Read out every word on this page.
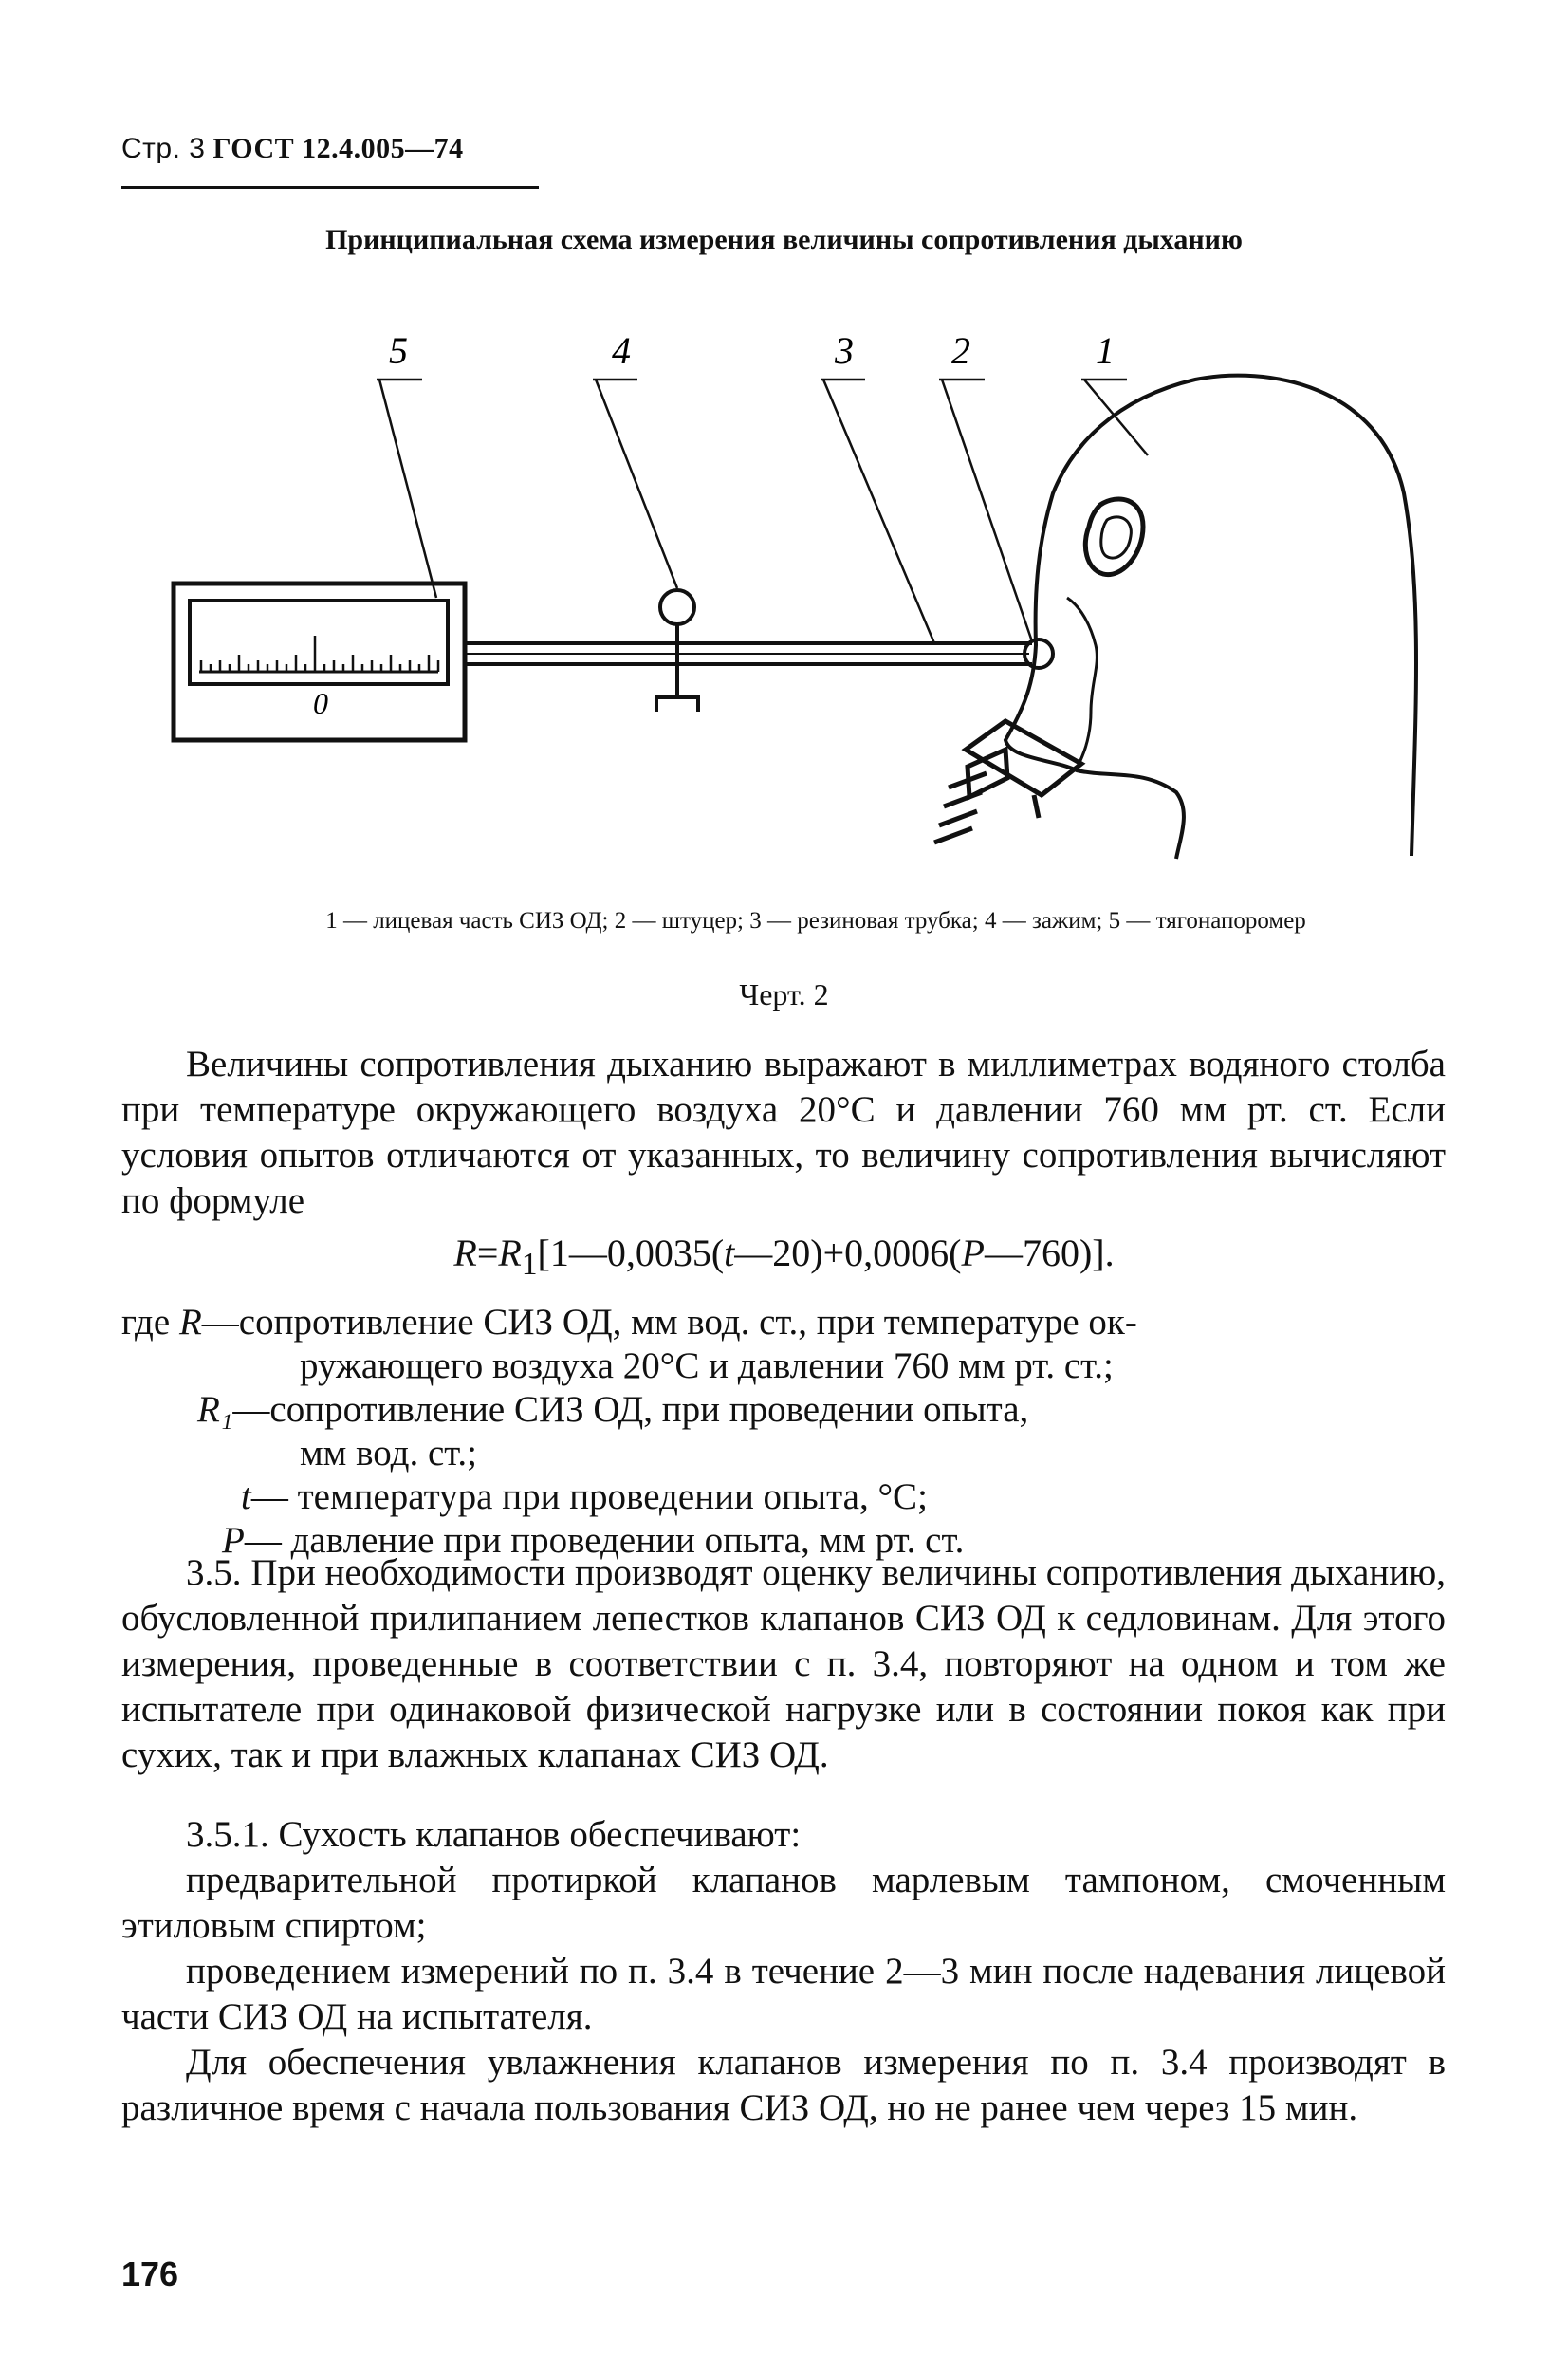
Стр. 3 ГОСТ 12.4.005—74
Принципиальная схема измерения величины сопротивления дыханию
5	4	3	2	1
0
1 — лицевая часть СИЗ ОД; 2 — штуцер; 3 — резиновая трубка; 4 — зажим; 5 — тягонапоромер
Черт. 2
Величины сопротивления дыханию выражают в миллиметрах водяного столба при температуре окружающего воздуха 20°С и давлении 760 мм рт. ст. Если условия опытов отличаются от указанных, то величину сопротивления вычисляют по формуле
$R=R_1[1—0,0035(t—20)+0,0006(P—760)]$.
где R—сопротивление СИЗ ОД, мм вод. ст., при температуре ок-
ружающего воздуха 20°С и давлении 760 мм рт. ст.;
R₁—сопротивление СИЗ ОД, при проведении опыта,
мм вод. ст.;
t— температура при проведении опыта, °С;
P— давление при проведении опыта, мм рт. ст.
3.5. При необходимости производят оценку величины сопротивления дыханию, обусловленной прилипанием лепестков клапанов СИЗ ОД к седловинам. Для этого измерения, проведенные в соответствии с п. 3.4, повторяют на одном и том же испытателе при одинаковой физической нагрузке или в состоянии покоя как при сухих, так и при влажных клапанах СИЗ ОД.
3.5.1. Сухость клапанов обеспечивают:
предварительной протиркой клапанов марлевым тампоном, смоченным этиловым спиртом;
проведением измерений по п. 3.4 в течение 2—3 мин после надевания лицевой части СИЗ ОД на испытателя.
Для обеспечения увлажнения клапанов измерения по п. 3.4 производят в различное время с начала пользования СИЗ ОД, но не ранее чем через 15 мин.
176
